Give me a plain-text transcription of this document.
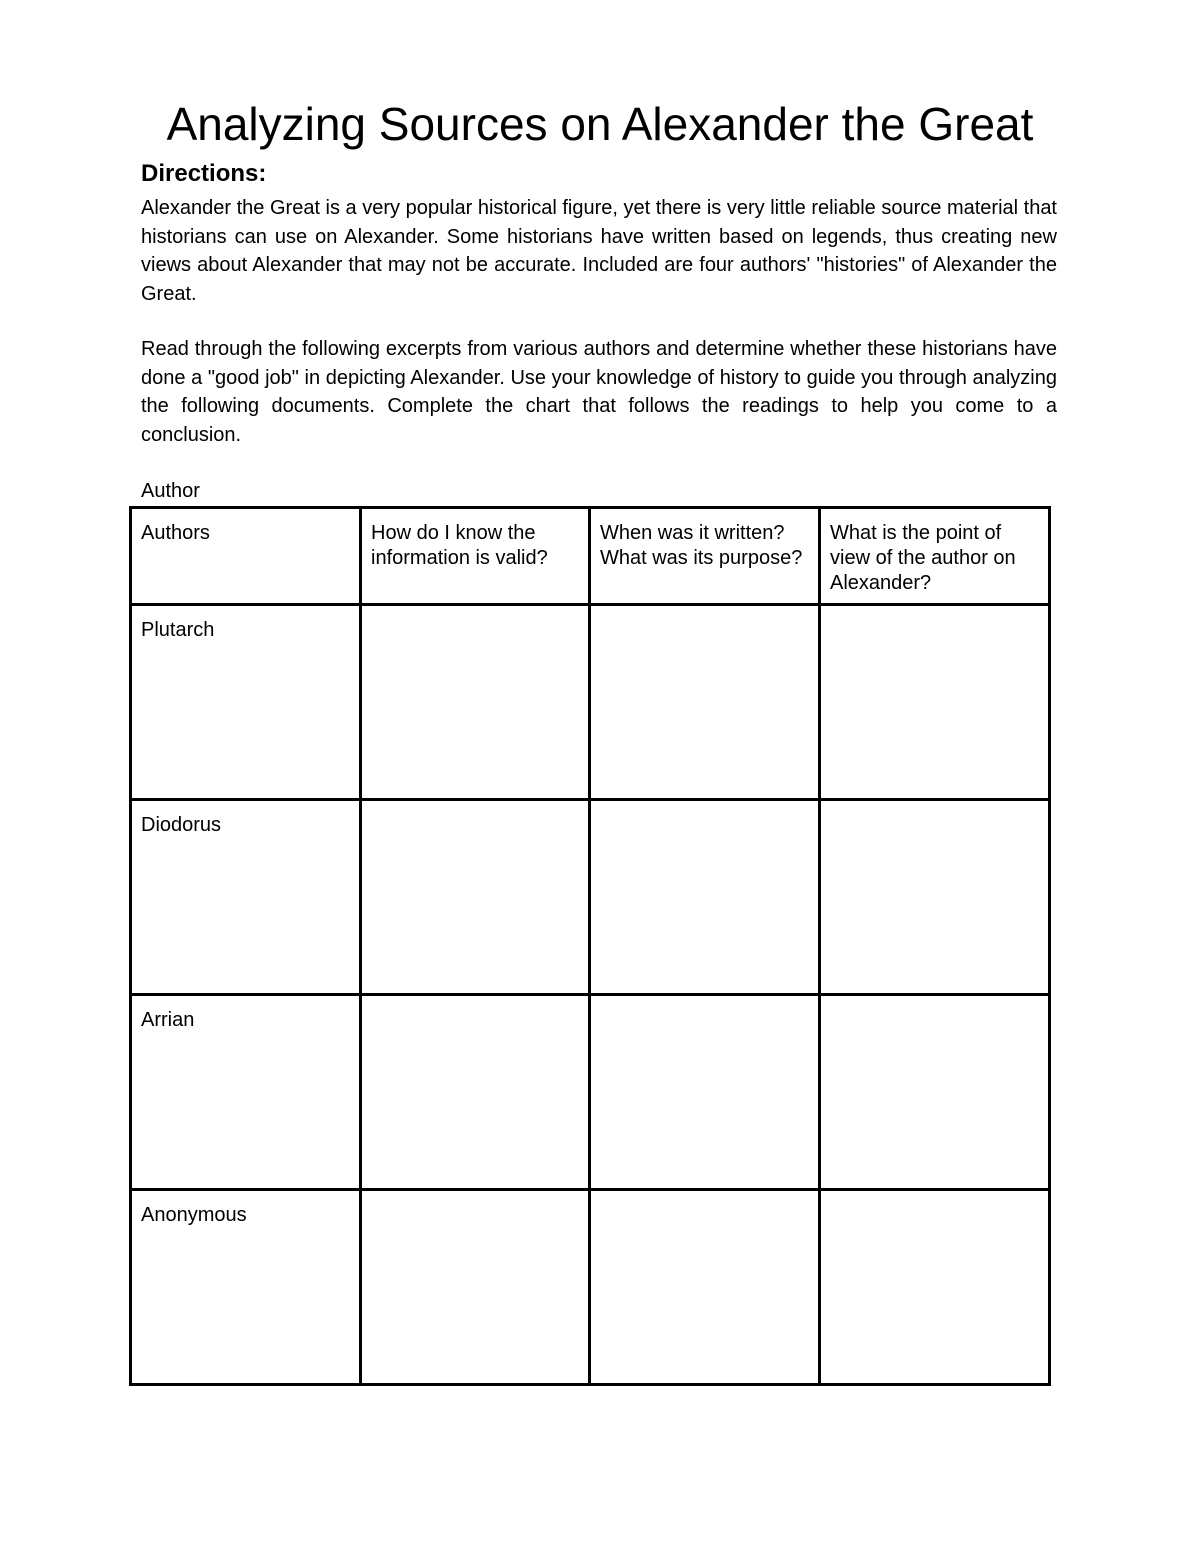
Analyzing Sources on Alexander the Great
Directions:

Alexander the Great is a very popular historical figure, yet there is very little reliable source material that historians can use on Alexander. Some historians have written based on legends, thus creating new views about Alexander that may not be accurate. Included are four authors' "histories" of Alexander the Great.

Read through the following excerpts from various authors and determine whether these historians have done a "good job" in depicting Alexander. Use your knowledge of history to guide you through analyzing the following documents. Complete the chart that follows the readings to help you come to a conclusion.

Author

Authors	How do I know the information is valid?	When was it written? What was its purpose?	What is the point of view of the author on Alexander?
Plutarch			
Diodorus			
Arrian			
Anonymous			
